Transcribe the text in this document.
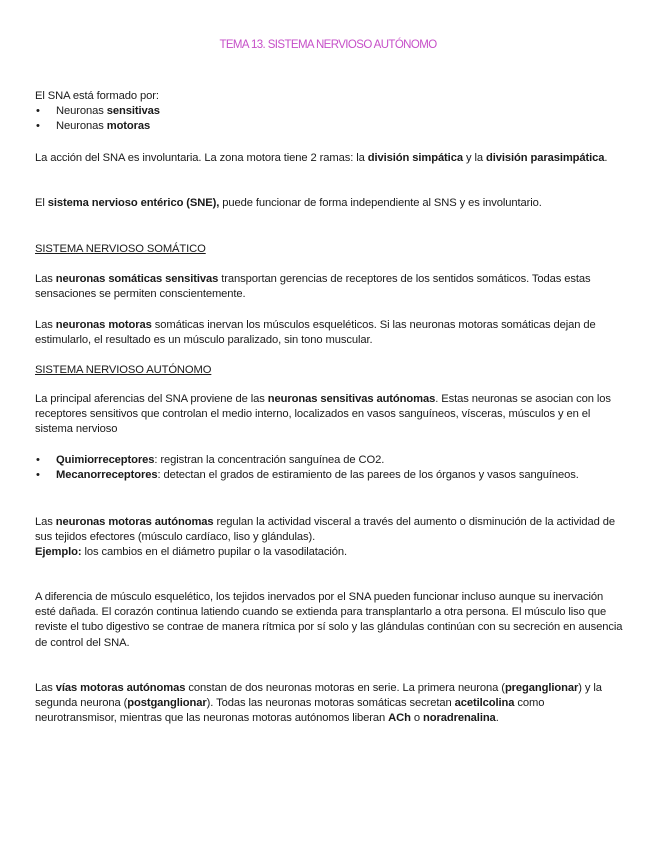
TEMA 13. SISTEMA NERVIOSO AUTÓNOMO
El SNA está formado por:
• Neuronas sensitivas
• Neuronas motoras
La acción del SNA es involuntaria. La zona motora tiene 2 ramas: la división simpática y la división parasimpática.
El sistema nervioso entérico (SNE), puede funcionar de forma independiente al SNS y es involuntario.
SISTEMA NERVIOSO SOMÁTICO
Las neuronas somáticas sensitivas transportan gerencias de receptores de los sentidos somáticos. Todas estas sensaciones se permiten conscientemente.
Las neuronas motoras somáticas inervan los músculos esqueléticos. Si las neuronas motoras somáticas dejan de estimularlo, el resultado es un músculo paralizado, sin tono muscular.
SISTEMA NERVIOSO AUTÓNOMO
La principal aferencias del SNA proviene de las neuronas sensitivas autónomas. Estas neuronas se asocian con los receptores sensitivos que controlan el medio interno, localizados en vasos sanguíneos, vísceras, músculos y en el sistema nervioso
• Quimiorreceptores: registran la concentración sanguínea de CO2.
• Mecanorreceptores: detectan el grados de estiramiento de las parees de los órganos y vasos sanguíneos.
Las neuronas motoras autónomas regulan la actividad visceral a través del aumento o disminución de la actividad de sus tejidos efectores (músculo cardíaco, liso y glándulas).
Ejemplo: los cambios en el diámetro pupilar o la vasodilatación.
A diferencia de músculo esquelético, los tejidos inervados por el SNA pueden funcionar incluso aunque su inervación esté dañada. El corazón continua latiendo cuando se extienda para transplantarlo a otra persona. El músculo liso que reviste el tubo digestivo se contrae de manera rítmica por sí solo y las glándulas continúan con su secreción en ausencia de control del SNA.
Las vías motoras autónomas constan de dos neuronas motoras en serie. La primera neurona (preganglionar) y la segunda neurona (postganglionar). Todas las neuronas motoras somáticas secretan acetilcolina como neurotransmisor, mientras que las neuronas motoras autónomos liberan ACh o noradrenalina.
